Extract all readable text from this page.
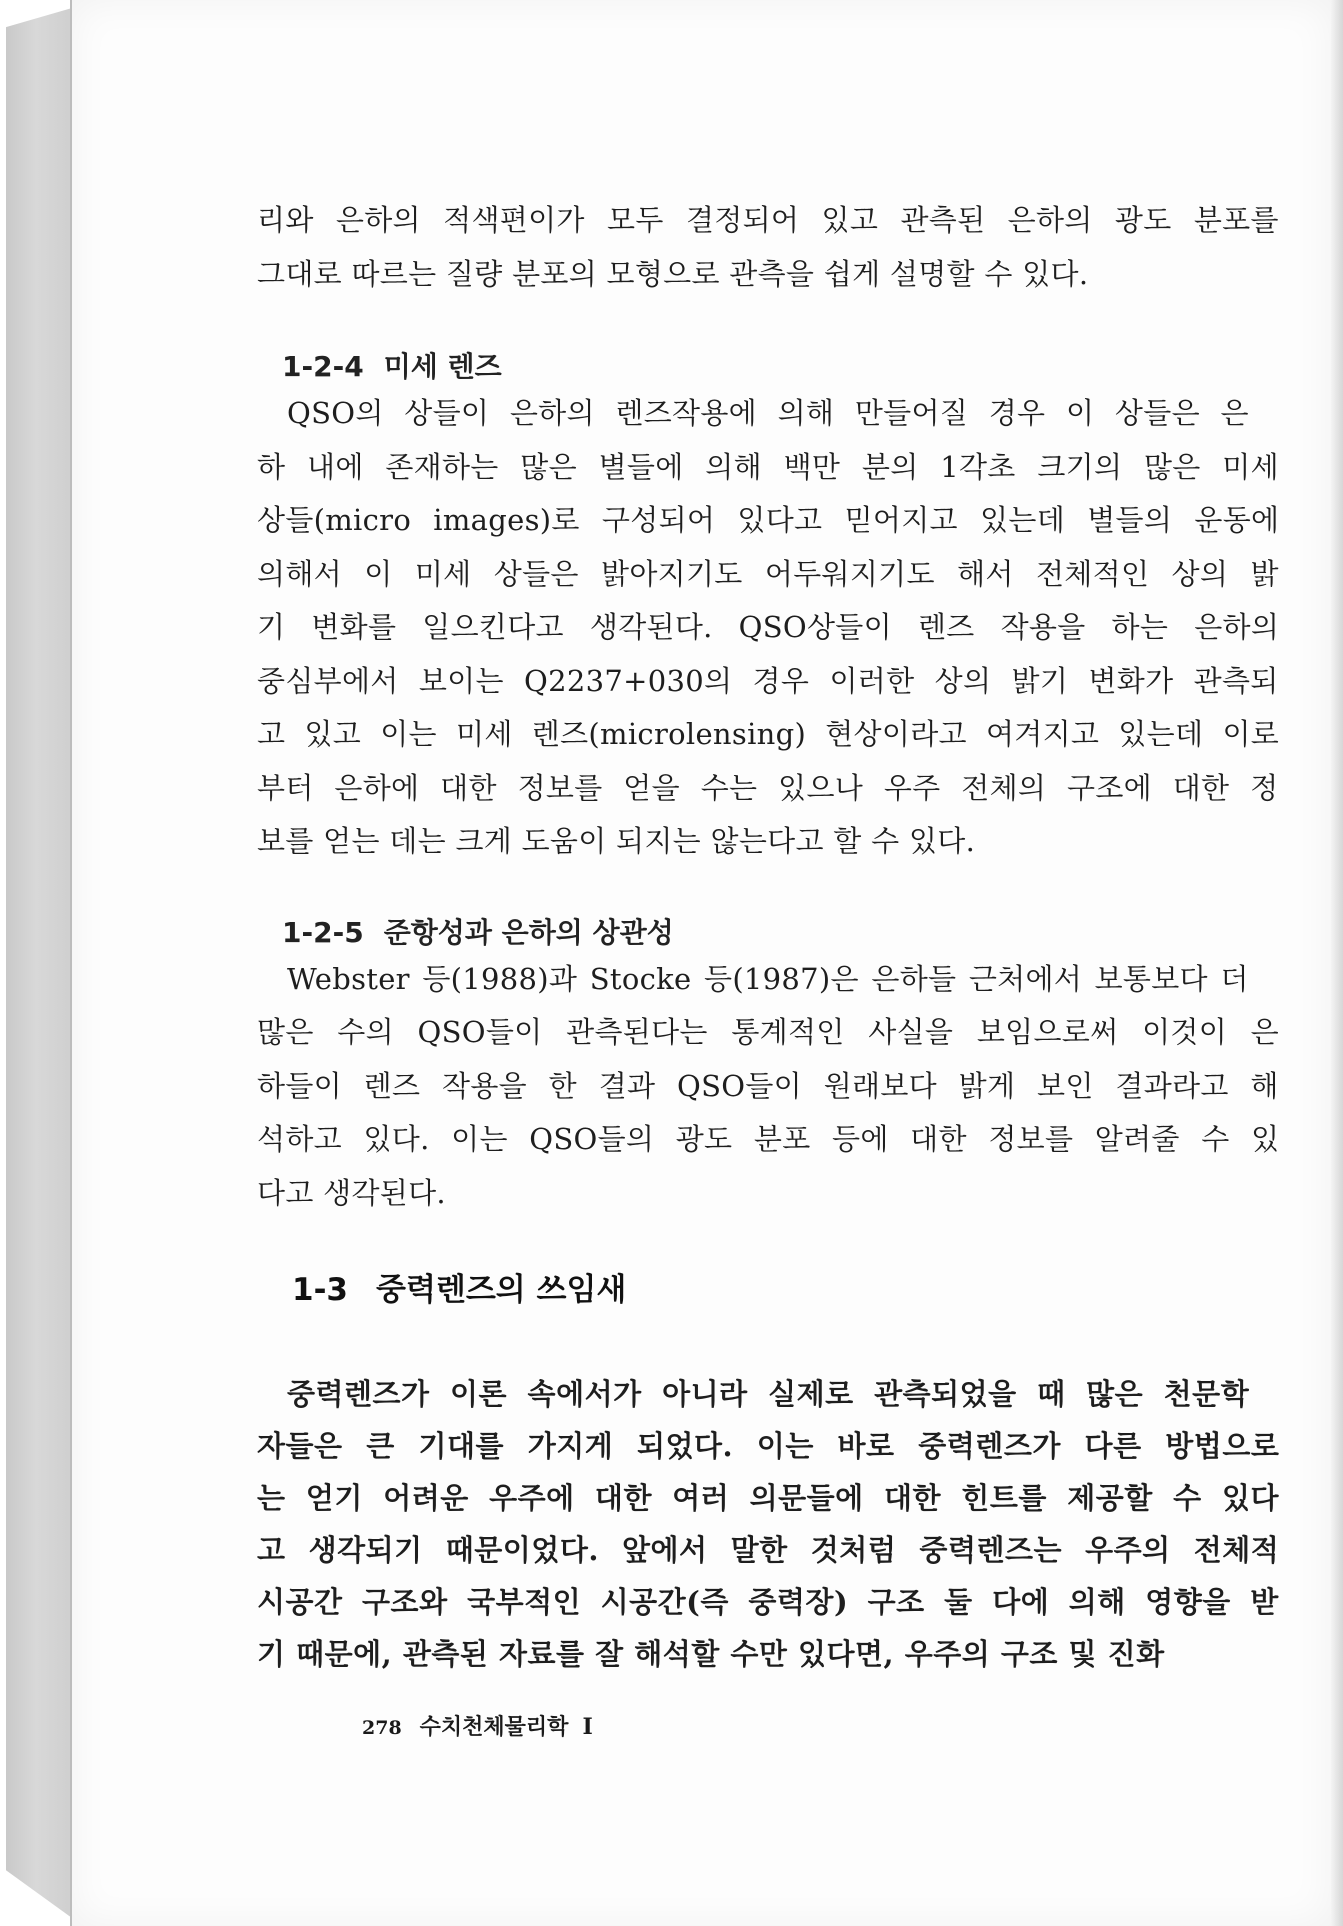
리와 은하의 적색편이가 모두 결정되어 있고 관측된 은하의 광도 분포를
그대로 따르는 질량 분포의 모형으로 관측을 쉽게 설명할 수 있다.

1-2-4 미세 렌즈

QSO의 상들이 은하의 렌즈작용에 의해 만들어질 경우 이 상들은 은
하 내에 존재하는 많은 별들에 의해 백만 분의 1각초 크기의 많은 미세
상들(micro images)로 구성되어 있다고 믿어지고 있는데 별들의 운동에
의해서 이 미세 상들은 밝아지기도 어두워지기도 해서 전체적인 상의 밝
기 변화를 일으킨다고 생각된다. QSO상들이 렌즈 작용을 하는 은하의
중심부에서 보이는 Q2237+030의 경우 이러한 상의 밝기 변화가 관측되
고 있고 이는 미세 렌즈(microlensing) 현상이라고 여겨지고 있는데 이로
부터 은하에 대한 정보를 얻을 수는 있으나 우주 전체의 구조에 대한 정
보를 얻는 데는 크게 도움이 되지는 않는다고 할 수 있다.

1-2-5 준항성과 은하의 상관성

Webster 등(1988)과 Stocke 등(1987)은 은하들 근처에서 보통보다 더
많은 수의 QSO들이 관측된다는 통계적인 사실을 보임으로써 이것이 은
하들이 렌즈 작용을 한 결과 QSO들이 원래보다 밝게 보인 결과라고 해
석하고 있다. 이는 QSO들의 광도 분포 등에 대한 정보를 알려줄 수 있
다고 생각된다.

1-3 중력렌즈의 쓰임새

중력렌즈가 이론 속에서가 아니라 실제로 관측되었을 때 많은 천문학
자들은 큰 기대를 가지게 되었다. 이는 바로 중력렌즈가 다른 방법으로
는 얻기 어려운 우주에 대한 여러 의문들에 대한 힌트를 제공할 수 있다
고 생각되기 때문이었다. 앞에서 말한 것처럼 중력렌즈는 우주의 전체적
시공간 구조와 국부적인 시공간(즉 중력장) 구조 둘 다에 의해 영향을 받
기 때문에, 관측된 자료를 잘 해석할 수만 있다면, 우주의 구조 및 진화

278 수치천체물리학 I
